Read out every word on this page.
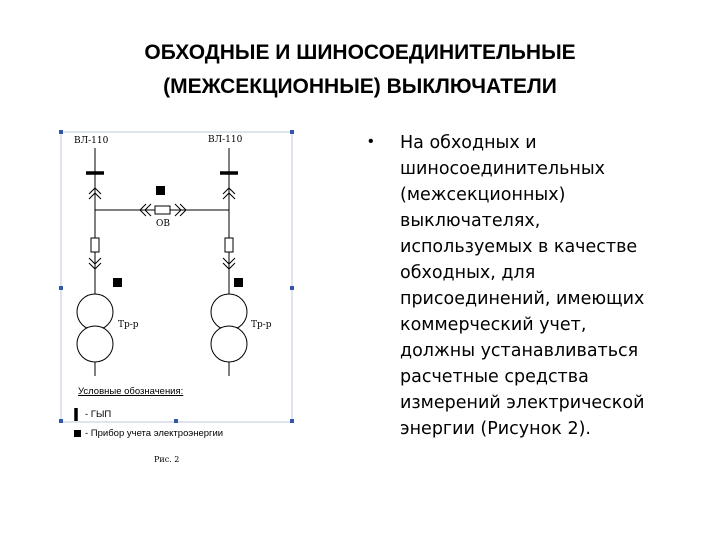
ОБХОДНЫЕ И ШИНОСОЕДИНИТЕЛЬНЫЕ
(МЕЖСЕКЦИОННЫЕ) ВЫКЛЮЧАТЕЛИ
ВЛ-110	ВЛ-110
ОВ
Тр-р	Тр-р
Условные обозначения:
- ГЫП
- Прибор учета электроэнергии
Рис. 2
• На обходных и
шиносоединительных
(межсекционных)
выключателях,
используемых в качестве
обходных, для
присоединений, имеющих
коммерческий учет,
должны устанавливаться
расчетные средства
измерений электрической
энергии (Рисунок 2).
